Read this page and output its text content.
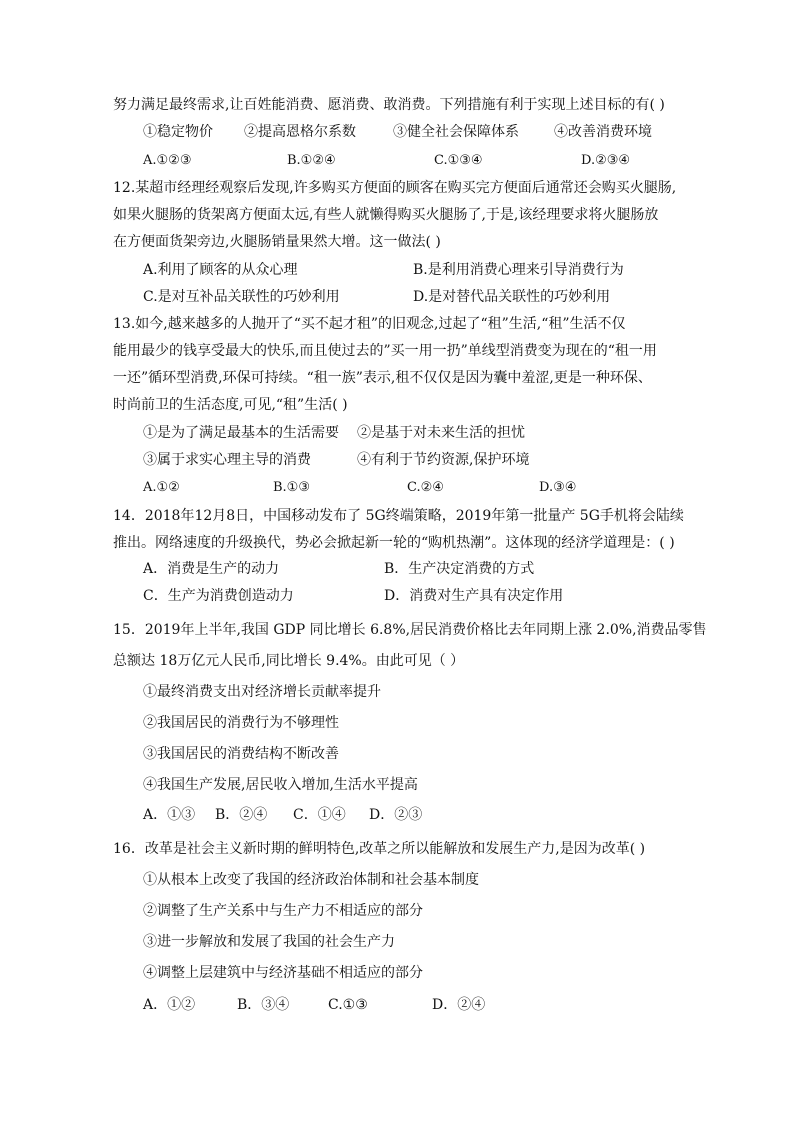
努力满足最终需求,让百姓能消费、愿消费、敢消费。下列措施有利于实现上述目标的有( )
①稳定物价 ②提高恩格尔系数	③健全社会保障体系	④改善消费环境
A.①②③	B.①②④	C.①③④	D.②③④
12.某超市经理经观察后发现,许多购买方便面的顾客在购买完方便面后通常还会购买火腿肠,
如果火腿肠的货架离方便面太远,有些人就懒得购买火腿肠了,于是,该经理要求将火腿肠放
在方便面货架旁边,火腿肠销量果然大增。这一做法( )
A.利用了顾客的从众心理	B.是利用消费心理来引导消费行为
C.是对互补品关联性的巧妙利用	D.是对替代品关联性的巧妙利用
13.如今,越来越多的人抛开了“买不起才租”的旧观念,过起了“租”生活,“租”生活不仅
能用最少的钱享受最大的快乐,而且使过去的”买一用一扔”单线型消费变为现在的“租一用
一还”循环型消费,环保可持续。“租一族”表示,租不仅仅是因为囊中羞涩,更是一种环保、
时尚前卫的生活态度,可见,“租”生活( )
①是为了满足最基本的生活需要 ②是基于对未来生活的担忧
③属于求实心理主导的消费	④有利于节约资源,保护环境
A.①②	B.①③	C.②④	D.③④
14．2018年12月8日，中国移动发布了 5G终端策略，2019年第一批量产 5G手机将会陆续
推出。网络速度的升级换代，势必会掀起新一轮的“购机热潮”。这体现的经济学道理是：( )
A．消费是生产的动力	B．生产决定消费的方式
C．生产为消费创造动力	D．消费对生产具有决定作用
15．2019年上半年,我国 GDP 同比增长 6.8%,居民消费价格比去年同期上涨 2.0%,消费品零售
总额达 18万亿元人民币,同比增长 9.4%。由此可见（ ）
①最终消费支出对经济增长贡献率提升
②我国居民的消费行为不够理性
③我国居民的消费结构不断改善
④我国生产发展,居民收入增加,生活水平提高
A．①③ B．②④ C．①④ D．②③
16．改革是社会主义新时期的鲜明特色,改革之所以能解放和发展生产力,是因为改革( )
①从根本上改变了我国的经济政治体制和社会基本制度
②调整了生产关系中与生产力不相适应的部分
③进一步解放和发展了我国的社会生产力
④调整上层建筑中与经济基础不相适应的部分
A．①②	B．③④	C.①③	D．②④
